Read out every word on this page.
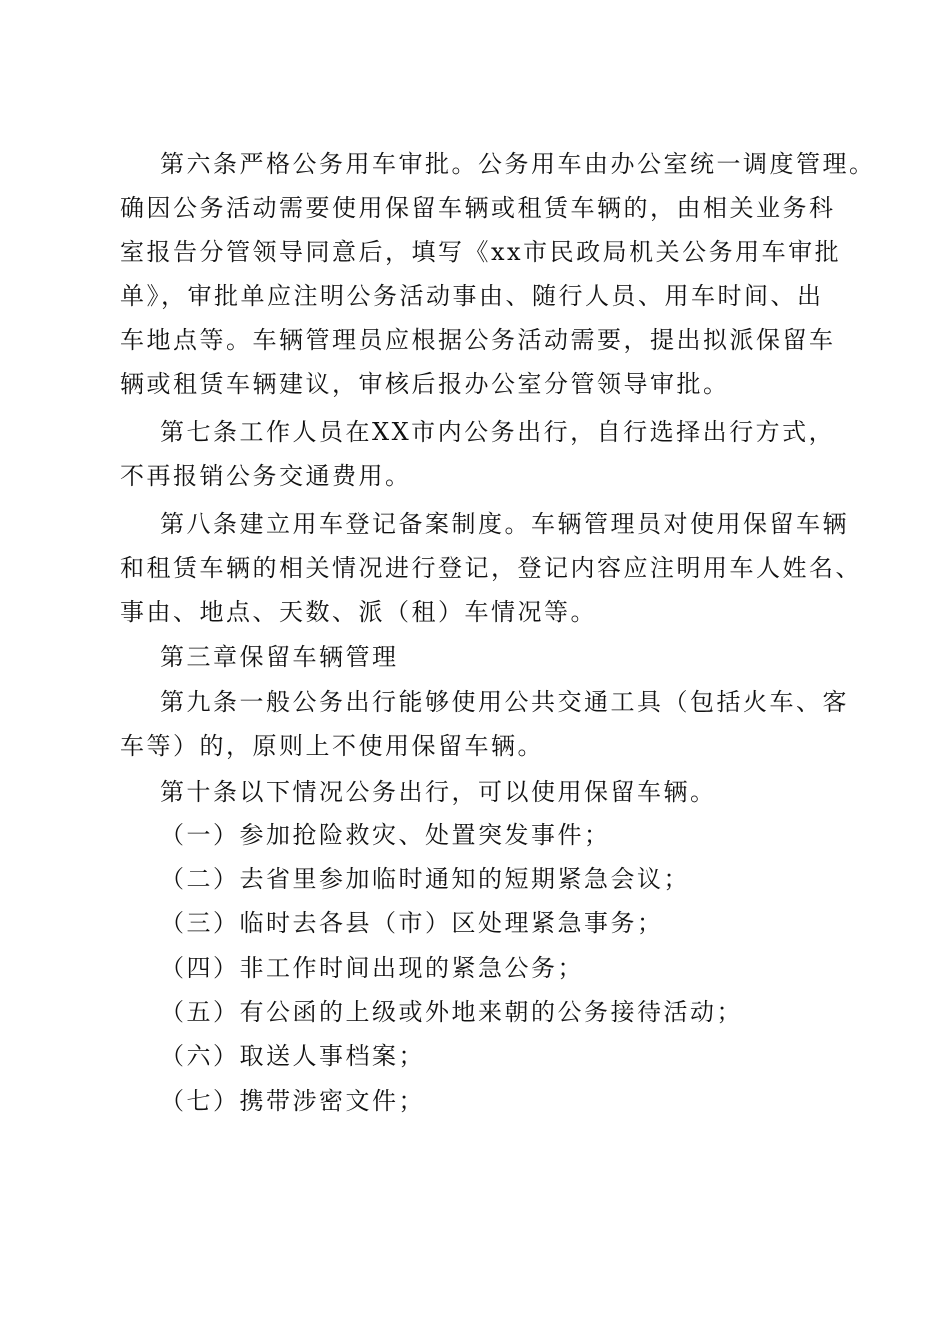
第六条严格公务用车审批。公务用车由办公室统一调度管理。
确因公务活动需要使用保留车辆或租赁车辆的，由相关业务科
室报告分管领导同意后，填写《xx市民政局机关公务用车审批
单》，审批单应注明公务活动事由、随行人员、用车时间、出
车地点等。车辆管理员应根据公务活动需要，提出拟派保留车
辆或租赁车辆建议，审核后报办公室分管领导审批。
第七条工作人员在XX市内公务出行，自行选择出行方式，
不再报销公务交通费用。
第八条建立用车登记备案制度。车辆管理员对使用保留车辆
和租赁车辆的相关情况进行登记，登记内容应注明用车人姓名、
事由、地点、天数、派（租）车情况等。
第三章保留车辆管理
第九条一般公务出行能够使用公共交通工具（包括火车、客
车等）的，原则上不使用保留车辆。
第十条以下情况公务出行，可以使用保留车辆。
（一）参加抢险救灾、处置突发事件；
（二）去省里参加临时通知的短期紧急会议；
（三）临时去各县（市）区处理紧急事务；
（四）非工作时间出现的紧急公务；
（五）有公函的上级或外地来朝的公务接待活动；
（六）取送人事档案；
（七）携带涉密文件；
